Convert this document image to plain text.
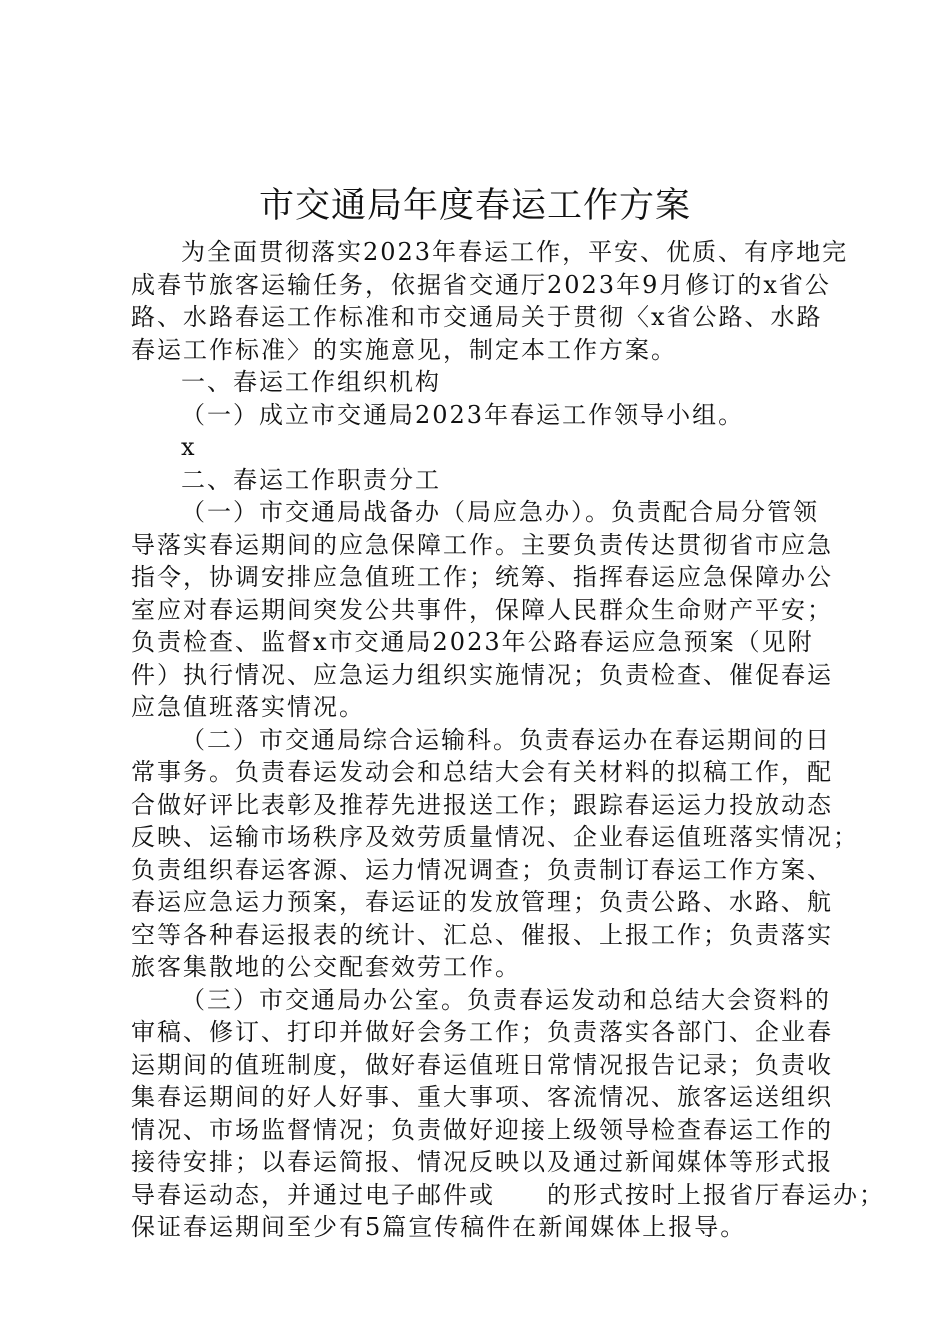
市交通局年度春运工作方案
为全面贯彻落实2023年春运工作，平安、优质、有序地完
成春节旅客运输任务，依据省交通厅2023年9月修订的x省公
路、水路春运工作标准和市交通局关于贯彻〈x省公路、水路
春运工作标准〉的实施意见，制定本工作方案。
一、春运工作组织机构
（一）成立市交通局2023年春运工作领导小组。
x
二、春运工作职责分工
（一）市交通局战备办（局应急办）。负责配合局分管领
导落实春运期间的应急保障工作。主要负责传达贯彻省市应急
指令，协调安排应急值班工作；统筹、指挥春运应急保障办公
室应对春运期间突发公共事件，保障人民群众生命财产平安；
负责检查、监督x市交通局2023年公路春运应急预案（见附
件）执行情况、应急运力组织实施情况；负责检查、催促春运
应急值班落实情况。
（二）市交通局综合运输科。负责春运办在春运期间的日
常事务。负责春运发动会和总结大会有关材料的拟稿工作，配
合做好评比表彰及推荐先进报送工作；跟踪春运运力投放动态
反映、运输市场秩序及效劳质量情况、企业春运值班落实情况；
负责组织春运客源、运力情况调查；负责制订春运工作方案、
春运应急运力预案，春运证的发放管理；负责公路、水路、航
空等各种春运报表的统计、汇总、催报、上报工作；负责落实
旅客集散地的公交配套效劳工作。
（三）市交通局办公室。负责春运发动和总结大会资料的
审稿、修订、打印并做好会务工作；负责落实各部门、企业春
运期间的值班制度，做好春运值班日常情况报告记录；负责收
集春运期间的好人好事、重大事项、客流情况、旅客运送组织
情况、市场监督情况；负责做好迎接上级领导检查春运工作的
接待安排；以春运简报、情况反映以及通过新闻媒体等形式报
导春运动态，并通过电子邮件或　　的形式按时上报省厅春运办；
保证春运期间至少有5篇宣传稿件在新闻媒体上报导。
